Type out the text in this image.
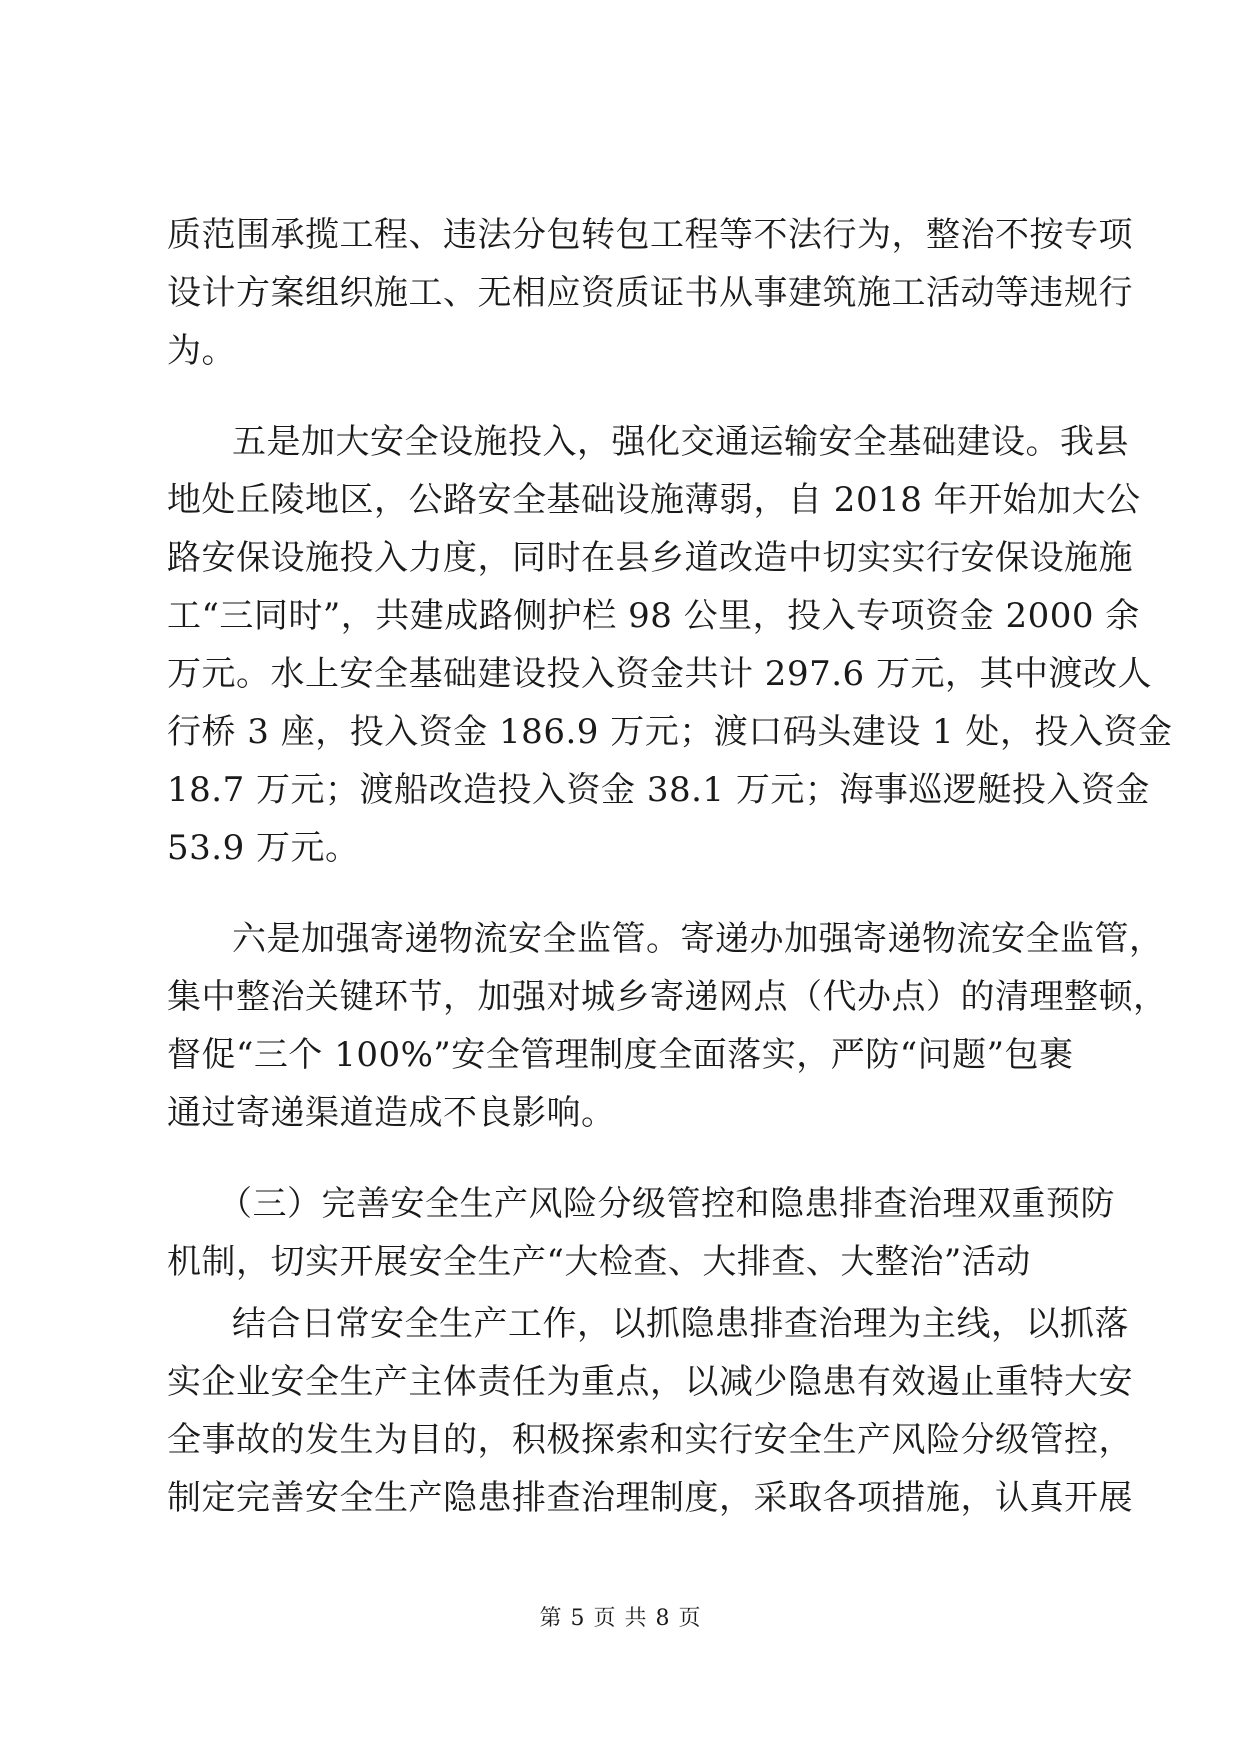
质范围承揽工程、违法分包转包工程等不法行为，整治不按专项
设计方案组织施工、无相应资质证书从事建筑施工活动等违规行
为。
五是加大安全设施投入，强化交通运输安全基础建设。我县
地处丘陵地区，公路安全基础设施薄弱，自 2018 年开始加大公
路安保设施投入力度，同时在县乡道改造中切实实行安保设施施
工“三同时”，共建成路侧护栏 98 公里，投入专项资金 2000 余
万元。水上安全基础建设投入资金共计 297.6 万元，其中渡改人
行桥 3 座，投入资金 186.9 万元；渡口码头建设 1 处，投入资金
18.7 万元；渡船改造投入资金 38.1 万元；海事巡逻艇投入资金
53.9 万元。
六是加强寄递物流安全监管。寄递办加强寄递物流安全监管，
集中整治关键环节，加强对城乡寄递网点（代办点）的清理整顿，
督促“三个 100%”安全管理制度全面落实，严防“问题”包裹
通过寄递渠道造成不良影响。
（三）完善安全生产风险分级管控和隐患排查治理双重预防
机制，切实开展安全生产“大检查、大排查、大整治”活动
结合日常安全生产工作，以抓隐患排查治理为主线，以抓落
实企业安全生产主体责任为重点，以减少隐患有效遏止重特大安
全事故的发生为目的，积极探索和实行安全生产风险分级管控，
制定完善安全生产隐患排查治理制度，采取各项措施，认真开展
第 5 页 共 8 页
